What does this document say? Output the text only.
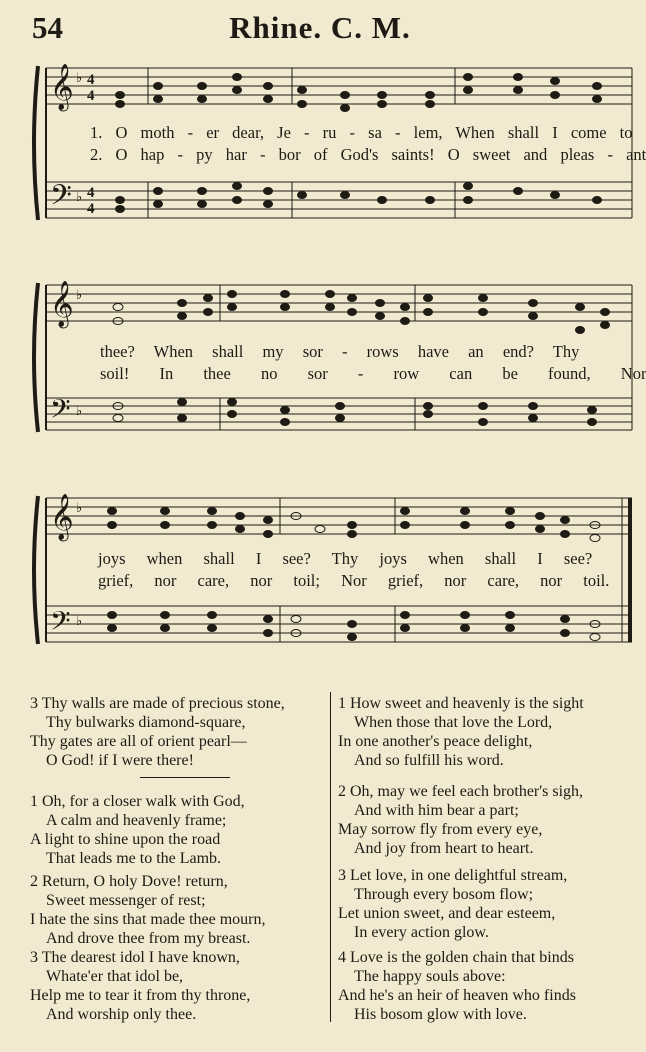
54	Rhine. C. M.
𝄞
𝄢
♭
♭
4
4
4
4
1. O moth - er dear, Je - ru - sa - lem, When shall I come to
2. O hap - py har - bor of God's saints! O sweet and pleas - ant
𝄞
𝄢
♭
♭
thee? When shall my sor - rows have an end? Thy
soil! In thee no sor - row can be found, Nor
𝄞
𝄢
♭
♭
joys when shall I see? Thy joys when shall I see?
grief, nor care, nor toil; Nor grief, nor care, nor toil.
3 Thy walls are made of precious stone,
Thy bulwarks diamond-square,
Thy gates are all of orient pearl—
O God! if I were there!
1 Oh, for a closer walk with God,
A calm and heavenly frame;
A light to shine upon the road
That leads me to the Lamb.
2 Return, O holy Dove! return,
Sweet messenger of rest;
I hate the sins that made thee mourn,
And drove thee from my breast.
3 The dearest idol I have known,
Whate'er that idol be,
Help me to tear it from thy throne,
And worship only thee.
1 How sweet and heavenly is the sight
When those that love the Lord,
In one another's peace delight,
And so fulfill his word.
2 Oh, may we feel each brother's sigh,
And with him bear a part;
May sorrow fly from every eye,
And joy from heart to heart.
3 Let love, in one delightful stream,
Through every bosom flow;
Let union sweet, and dear esteem,
In every action glow.
4 Love is the golden chain that binds
The happy souls above:
And he's an heir of heaven who finds
His bosom glow with love.
